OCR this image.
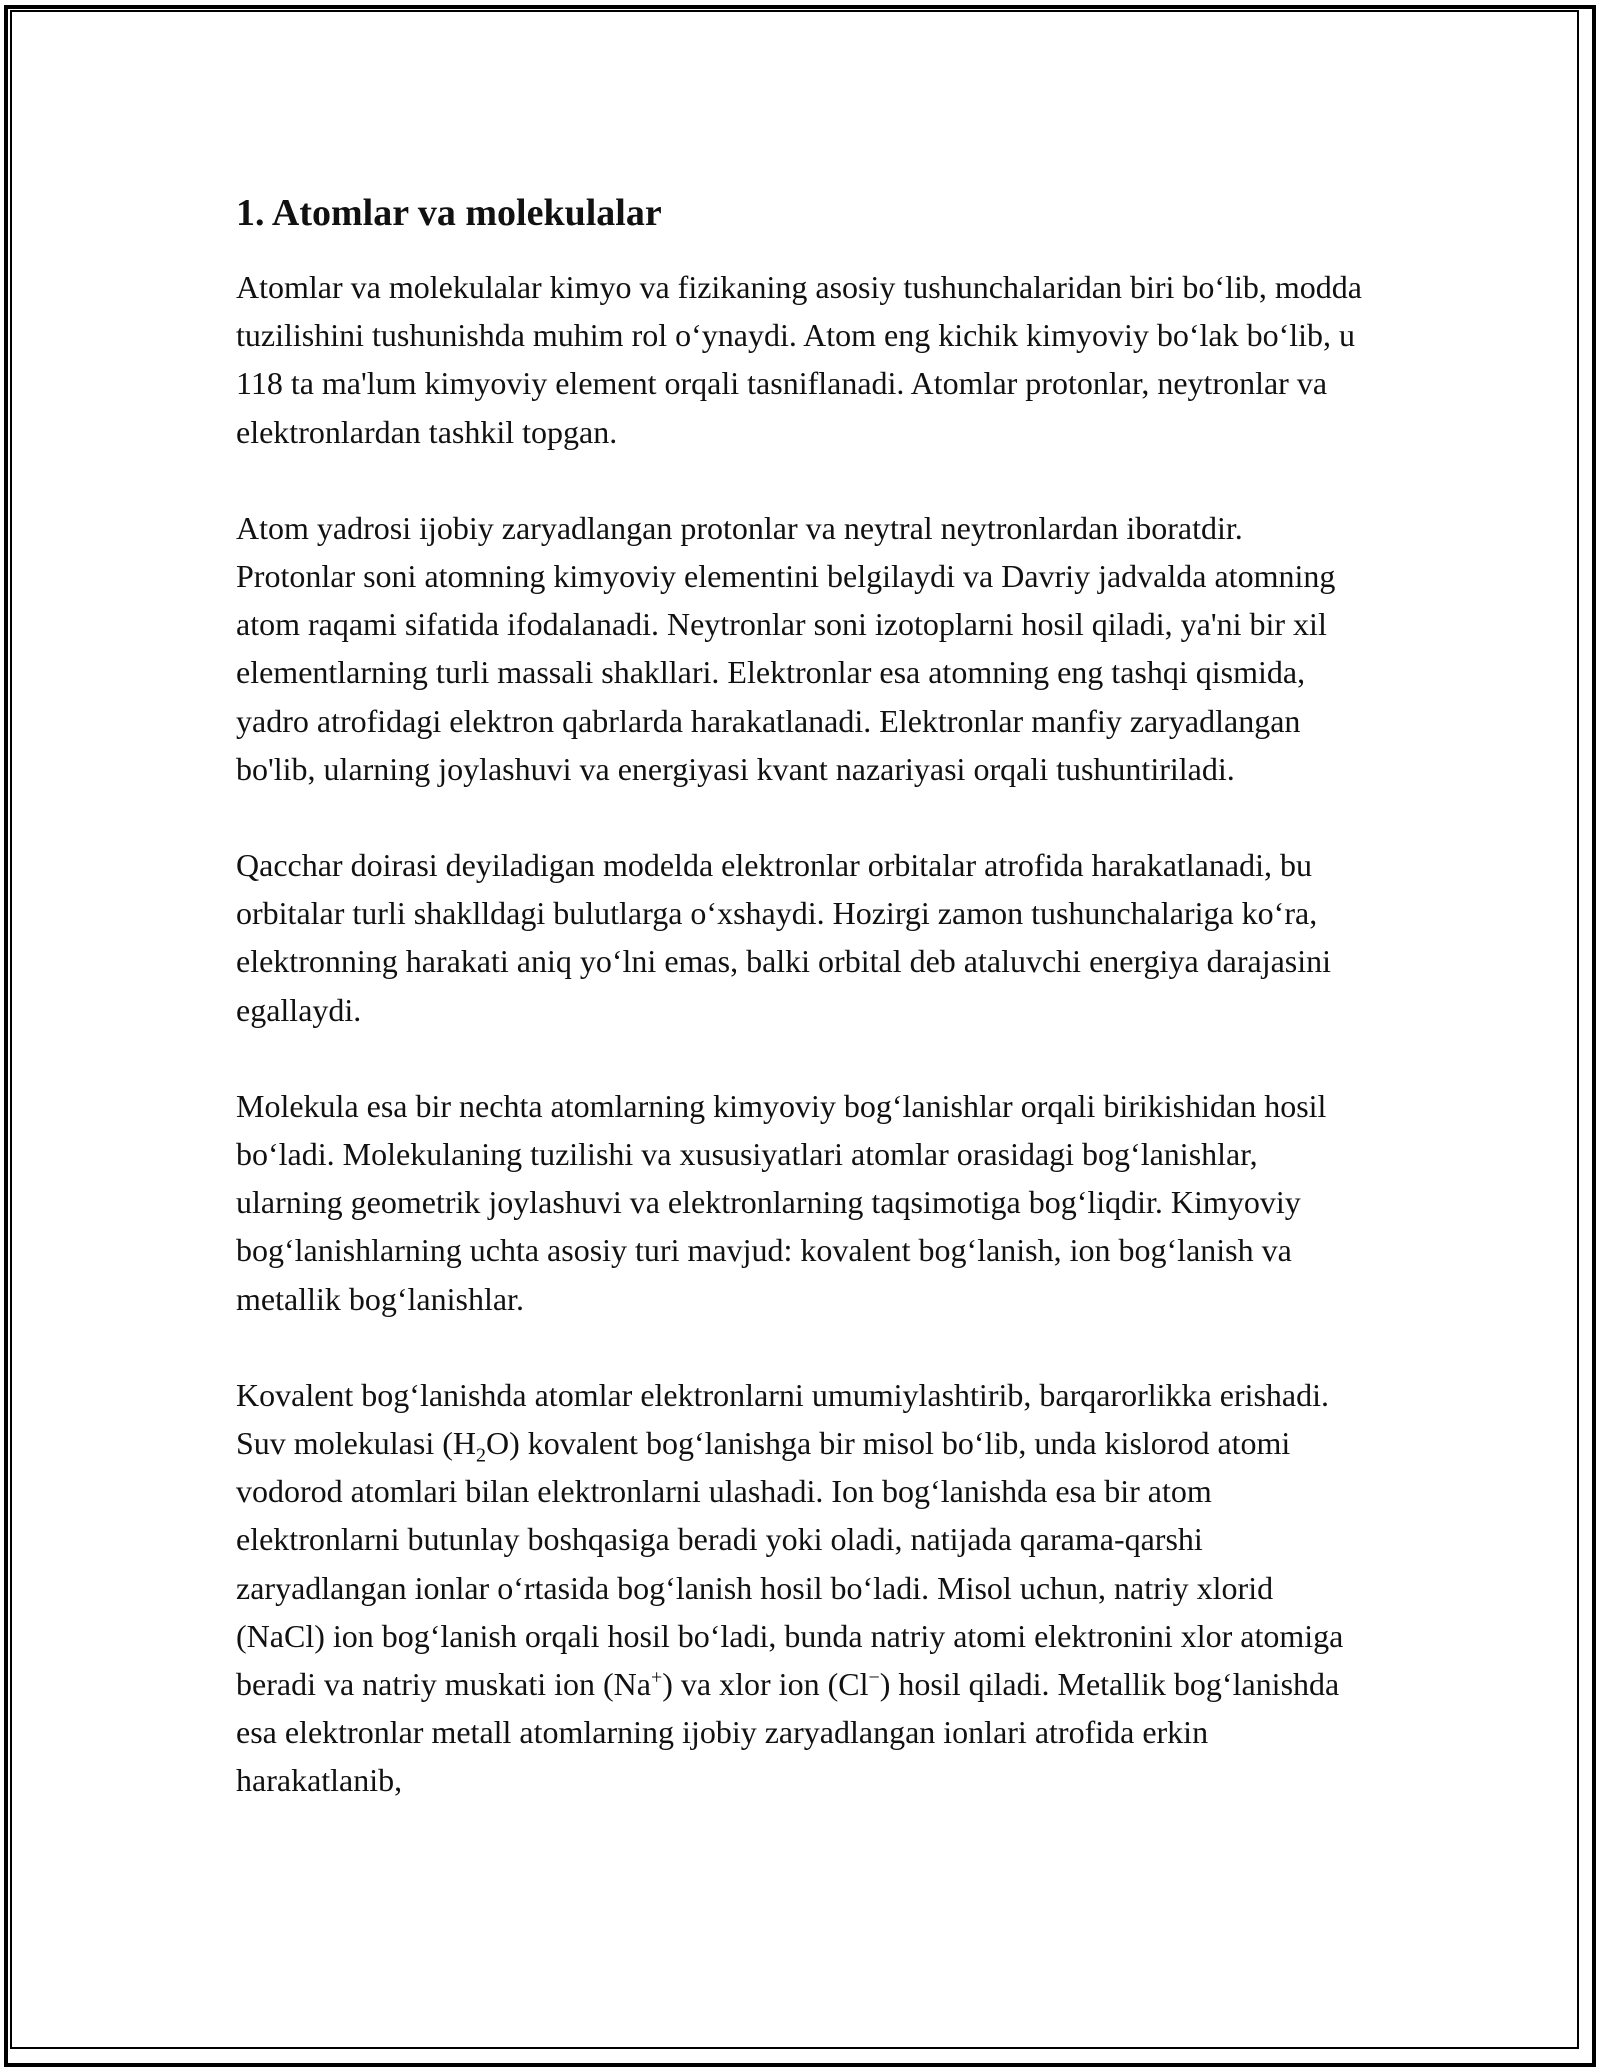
1. Atomlar va molekulalar

Atomlar va molekulalar kimyo va fizikaning asosiy tushunchalaridan biri bo‘lib, modda tuzilishini tushunishda muhim rol o‘ynaydi. Atom eng kichik kimyoviy bo‘lak bo‘lib, u 118 ta ma'lum kimyoviy element orqali tasniflanadi. Atomlar protonlar, neytronlar va elektronlardan tashkil topgan.

Atom yadrosi ijobiy zaryadlangan protonlar va neytral neytronlardan iboratdir. Protonlar soni atomning kimyoviy elementini belgilaydi va Davriy jadvalda atomning atom raqami sifatida ifodalanadi. Neytronlar soni izotoplarni hosil qiladi, ya'ni bir xil elementlarning turli massali shakllari. Elektronlar esa atomning eng tashqi qismida, yadro atrofidagi elektron qabrlarda harakatlanadi. Elektronlar manfiy zaryadlangan bo'lib, ularning joylashuvi va energiyasi kvant nazariyasi orqali tushuntiriladi.

Qacchar doirasi deyiladigan modelda elektronlar orbitalar atrofida harakatlanadi, bu orbitalar turli shaklldagi bulutlarga o‘xshaydi. Hozirgi zamon tushunchalariga ko‘ra, elektronning harakati aniq yo‘lni emas, balki orbital deb ataluvchi energiya darajasini egallaydi.

Molekula esa bir nechta atomlarning kimyoviy bog‘lanishlar orqali birikishidan hosil bo‘ladi. Molekulaning tuzilishi va xususiyatlari atomlar orasidagi bog‘lanishlar, ularning geometrik joylashuvi va elektronlarning taqsimotiga bog‘liqdir. Kimyoviy bog‘lanishlarning uchta asosiy turi mavjud: kovalent bog‘lanish, ion bog‘lanish va metallik bog‘lanishlar.

Kovalent bog‘lanishda atomlar elektronlarni umumiylashtirib, barqarorlikka erishadi. Suv molekulasi $(H_2O)$ kovalent bog‘lanishga bir misol bo‘lib, unda kislorod atomi vodorod atomlari bilan elektronlarni ulashadi. Ion bog‘lanishda esa bir atom elektronlarni butunlay boshqasiga beradi yoki oladi, natijada qarama-qarshi zaryadlangan ionlar o‘rtasida bog‘lanish hosil bo‘ladi. Misol uchun, natriy xlorid (NaCl) ion bog‘lanish orqali hosil bo‘ladi, bunda natriy atomi elektronini xlor atomiga beradi va natriy muskati ion (Na+) va xlor ion (Cl−) hosil qiladi. Metallik bog‘lanishda esa elektronlar metall atomlarning ijobiy zaryadlangan ionlari atrofida erkin harakatlanib,
